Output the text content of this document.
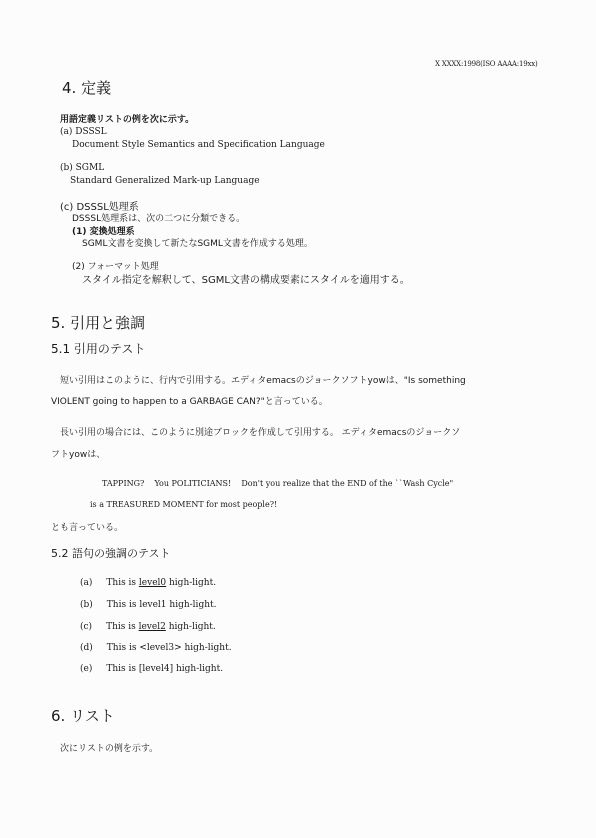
X XXXX:1998(ISO AAAA:19xx)

4. 定義

用語定義リストの例を次に示す。

(a) DSSSL

Document Style Semantics and Specification Language

(b) SGML

Standard Generalized Mark-up Language

(c) DSSSL処理系

DSSSL処理系は、次の二つに分類できる。

(1) 変換処理系

SGML文書を変換して新たなSGML文書を作成する処理。

(2) フォーマット処理

スタイル指定を解釈して、SGML文書の構成要素にスタイルを適用する。

5. 引用と強調
5.1 引用のテスト

短い引用はこのように、行内で引用する。エディタemacsのジョークソフトyowは、"Is something

VIOLENT going to happen to a GARBAGE CAN?"と言っている。

長い引用の場合には、このように別途ブロックを作成して引用する。 エディタemacsのジョークソ

フトyowは、

TAPPING?    You POLITICIANS!    Don't you realize that the END of the ``Wash Cycle"

is a TREASURED MOMENT for most people?!

とも言っている。

5.2 語句の強調のテスト
(a) This is level0 high-light.
(b) This is level1 high-light.
(c) This is level2 high-light.
(d) This is <level3> high-light.
(e) This is [level4] high-light.
6. リスト

次にリストの例を示す。
